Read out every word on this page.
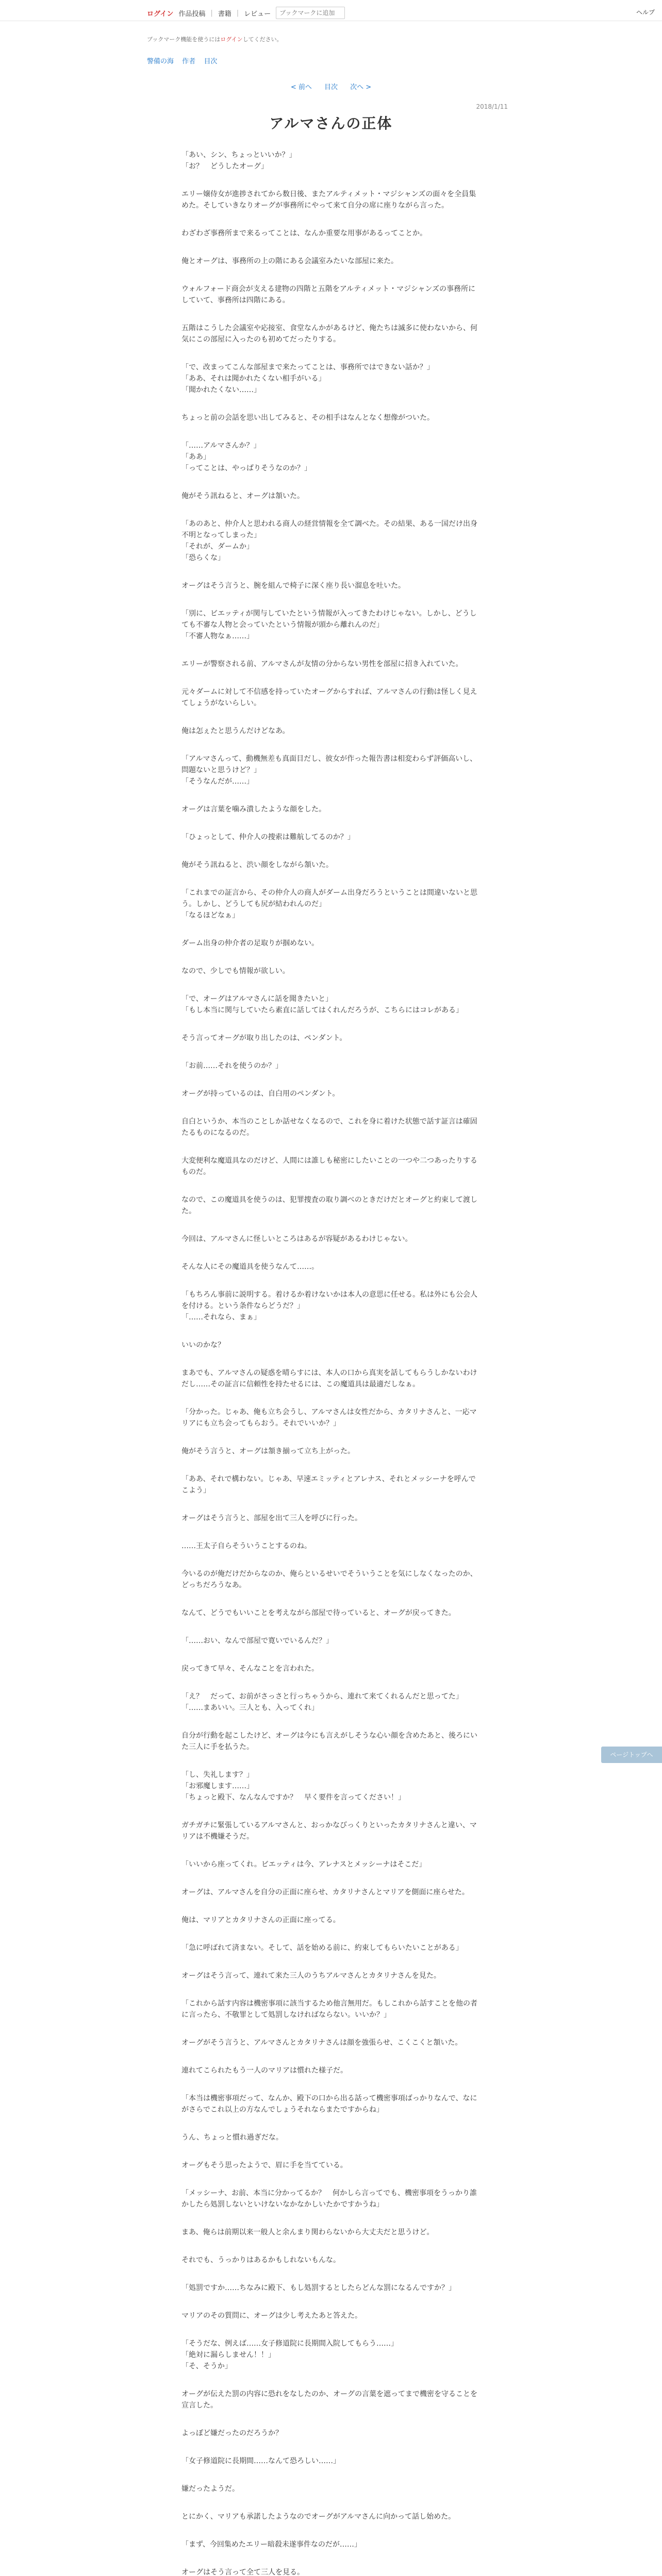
ログイン 作品投稿 | 書籍 | レビュー
ブックマークに追加	ヘルプ
ブックマーク機能を使うにはログインしてください。
警備の海 作者 目次
< 前へ 目次 次へ >
2018/1/11
アルマさんの正体

「あい、シン、ちょっといいか？」

「お？　どうしたオーグ」

エリー嬢侍女が進捗されてから数日後、またアルティメット・マジシャンズの面々を全員集めた。そしていきなりオーグが事務所にやって来て自分の席に座りながら言った。

わざわざ事務所まで来るってことは、なんか重要な用事があるってことか。

俺とオーグは、事務所の上の階にある会議室みたいな部屋に来た。

ウォルフォード商会が支える建物の四階と五階をアルティメット・マジシャンズの事務所にしていて、事務所は四階にある。

五階はこうした会議室や応接室、食堂なんかがあるけど、俺たちは滅多に使わないから、何気にこの部屋に入ったのも初めてだったりする。

「で、改まってこんな部屋まで来たってことは、事務所ではできない話か？」

「ああ、それは聞かれたくない相手がいる」

「聞かれたくない……」

ちょっと前の会話を思い出してみると、その相手はなんとなく想像がついた。

「……アルマさんか？」

「ああ」

「ってことは、やっぱりそうなのか？」

俺がそう訊ねると、オーグは頷いた。

「あのあと、仲介人と思われる商人の経営情報を全て調べた。その結果、ある一国だけ出身不明となってしまった」

「それが、ダームか」

「恐らくな」

オーグはそう言うと、腕を組んで椅子に深く座り長い溜息を吐いた。

「別に、ビエッティが関与していたという情報が入ってきたわけじゃない。しかし、どうしても不審な人物と会っていたという情報が頭から離れんのだ」

「不審人物なぁ……」

エリーが警察される前、アルマさんが友情の分からない男性を部屋に招き入れていた。

元々ダームに対して不信感を持っていたオーグからすれば、アルマさんの行動は怪しく見えてしょうがないらしい。

俺は怎ぇたと思うんだけどなあ。

「アルマさんって、動機無差も真面目だし、彼女が作った報告書は相変わらず評価高いし、問題ないと思うけど？」

「そうなんだが……」

オーグは言葉を噛み潰したような顔をした。

「ひょっとして、仲介人の捜索は難航してるのか？」

俺がそう訊ねると、渋い顔をしながら頷いた。

「これまでの証言から、その仲介人の商人がダーム出身だろうということは間違いないと思う。しかし、どうしても尻が結われんのだ」

「なるほどなぁ」

ダーム出身の仲介者の足取りが掴めない。

なので、少しでも情報が欲しい。

「で、オーグはアルマさんに話を聞きたいと」

「もし本当に関与していたら素直に話してはくれんだろうが、こちらにはコレがある」

そう言ってオーグが取り出したのは、ペンダント。

「お前……それを使うのか？」

オーグが持っているのは、自白用のペンダント。

自白というか、本当のことしか話せなくなるので、これを身に着けた状態で話す証言は確固たるものになるのだ。

大変便利な魔道具なのだけど、人間には誰しも秘密にしたいことの一つや二つあったりするものだ。

なので、この魔道具を使うのは、犯罪捜査の取り調べのときだけだとオーグと約束して渡した。

今回は、アルマさんに怪しいところはあるが容疑があるわけじゃない。

そんな人にその魔道具を使うなんて……。

「もちろん事前に説明する。着けるか着けないかは本人の意思に任せる。私は外にも公会人を付ける。という条件ならどうだ？」

「……それなら、まぁ」

いいのかな？

まあでも、アルマさんの疑惑を晴らすには、本人の口から真実を話してもらうしかないわけだし……その証言に信頼性を持たせるには、この魔道具は最適だしなぁ。

「分かった。じゃあ、俺も立ち会うし、アルマさんは女性だから、カタリナさんと、一応マリアにも立ち会ってもらおう。それでいいか？」

俺がそう言うと、オーグは頷き揃って立ち上がった。

「ああ、それで構わない。じゃあ、早速エミッティとアレナス、それとメッシーナを呼んでこよう」

オーグはそう言うと、部屋を出て三人を呼びに行った。

……王太子自らそういうことするのね。

今いるのが俺だけだからなのか、俺らといるせいでそういうことを気にしなくなったのか、どっちだろうなあ。

なんて、どうでもいいことを考えながら部屋で待っていると、オーグが戻ってきた。

「……おい、なんで部屋で寛いでいるんだ？」

戻ってきて早々、そんなことを言われた。

「え？　だって、お前がさっさと行っちゃうから、連れて来てくれるんだと思ってた」

「……まあいい。三人とも、入ってくれ」

自分が行動を起こしたけど、オーグは今にも言えがしそうな心い顔を含めたあと、後ろにいた三人に手を払うた。

「し、失礼します？」

「お邪魔します……」

「ちょっと殿下、なんなんですか？　早く要件を言ってください！」

ガチガチに緊張しているアルマさんと、おっかなびっくりといったカタリナさんと違い、マリアは不機嫌そうだ。

「いいから座ってくれ。ビエッティは今、アレナスとメッシーナはそこだ」

オーグは、アルマさんを自分の正面に座らせ、カタリナさんとマリアを側面に座らせた。

俺は、マリアとカタリナさんの正面に座ってる。

「急に呼ばれて済まない。そして、話を始める前に、約束してもらいたいことがある」

オーグはそう言って、連れて来た三人のうちアルマさんとカタリナさんを見た。

「これから話す内容は機密事項に該当するため他言無用だ。もしこれから話すことを他の者に言ったら、不敬罪として処罰しなければならない。いいか？」

オーグがそう言うと、アルマさんとカタリナさんは顔を強張らせ、こくこくと頷いた。

連れてこられたもう一人のマリアは慣れた様子だ。

「本当は機密事項だって、なんか、殿下の口から出る話って機密事項ばっかりなんで、なにがさらでこれ以上の方なんでしょうそれならまたですからね」

うん、ちょっと慣れ過ぎだな。

オーグもそう思ったようで、眉に手を当てている。

「メッシーナ、お前、本当に分かってるか？　何かしら言ってでも、機密事項をうっかり誰かしたら処罰しないといけないなかなかしいたかですかうね」

まあ、俺らは前期以来一般人と余んまり関わらないから大丈夫だと思うけど。

それでも、うっかりはあるかもしれないもんな。

「処罰ですか……ちなみに殿下、もし処罰するとしたらどんな罰になるんですか？」

マリアのその質問に、オーグは少し考えたあと答えた。

「そうだな、例えば……女子修道院に長期間入院してもらう……」

「絶対に漏らしません！！」

「そ、そうか」

オーグが伝えた罰の内容に恐れをなしたのか、オーグの言葉を遮ってまで機密を守ることを宣言した。

よっぽど嫌だったのだろうか？

「女子修道院に長期間……なんて恐ろしい……」

嫌だったようだ。

とにかく、マリアも承諾したようなのでオーグがアルマさんに向かって話し始めた。

「まず、今回集めたエリー暗殺未遂事件なのだが……」

オーグはそう言って全て三人を見る。

ページトップへ
